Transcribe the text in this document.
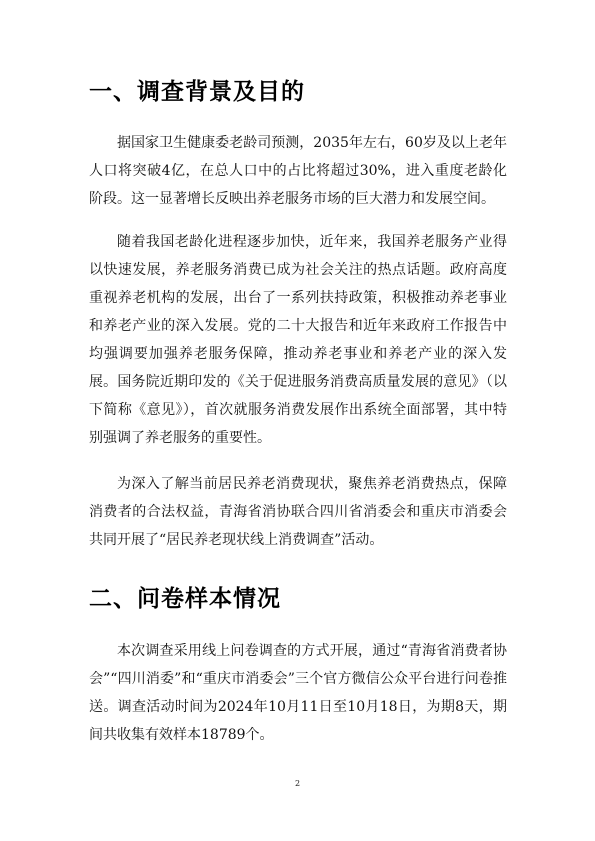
一、调查背景及目的

据国家卫生健康委老龄司预测，2035年左右，60岁及以上老年人口将突破4亿，在总人口中的占比将超过30%，进入重度老龄化阶段。这一显著增长反映出养老服务市场的巨大潜力和发展空间。

随着我国老龄化进程逐步加快，近年来，我国养老服务产业得以快速发展，养老服务消费已成为社会关注的热点话题。政府高度重视养老机构的发展，出台了一系列扶持政策，积极推动养老事业和养老产业的深入发展。党的二十大报告和近年来政府工作报告中均强调要加强养老服务保障，推动养老事业和养老产业的深入发展。国务院近期印发的《关于促进服务消费高质量发展的意见》（以下简称《意见》），首次就服务消费发展作出系统全面部署，其中特别强调了养老服务的重要性。

为深入了解当前居民养老消费现状，聚焦养老消费热点，保障消费者的合法权益，青海省消协联合四川省消委会和重庆市消委会共同开展了“居民养老现状线上消费调查”活动。

二、问卷样本情况

本次调查采用线上问卷调查的方式开展，通过“青海省消费者协会”“四川消委”和“重庆市消委会”三个官方微信公众平台进行问卷推送。调查活动时间为2024年10月11日至10月18日，为期8天，期间共收集有效样本18789个。

2
